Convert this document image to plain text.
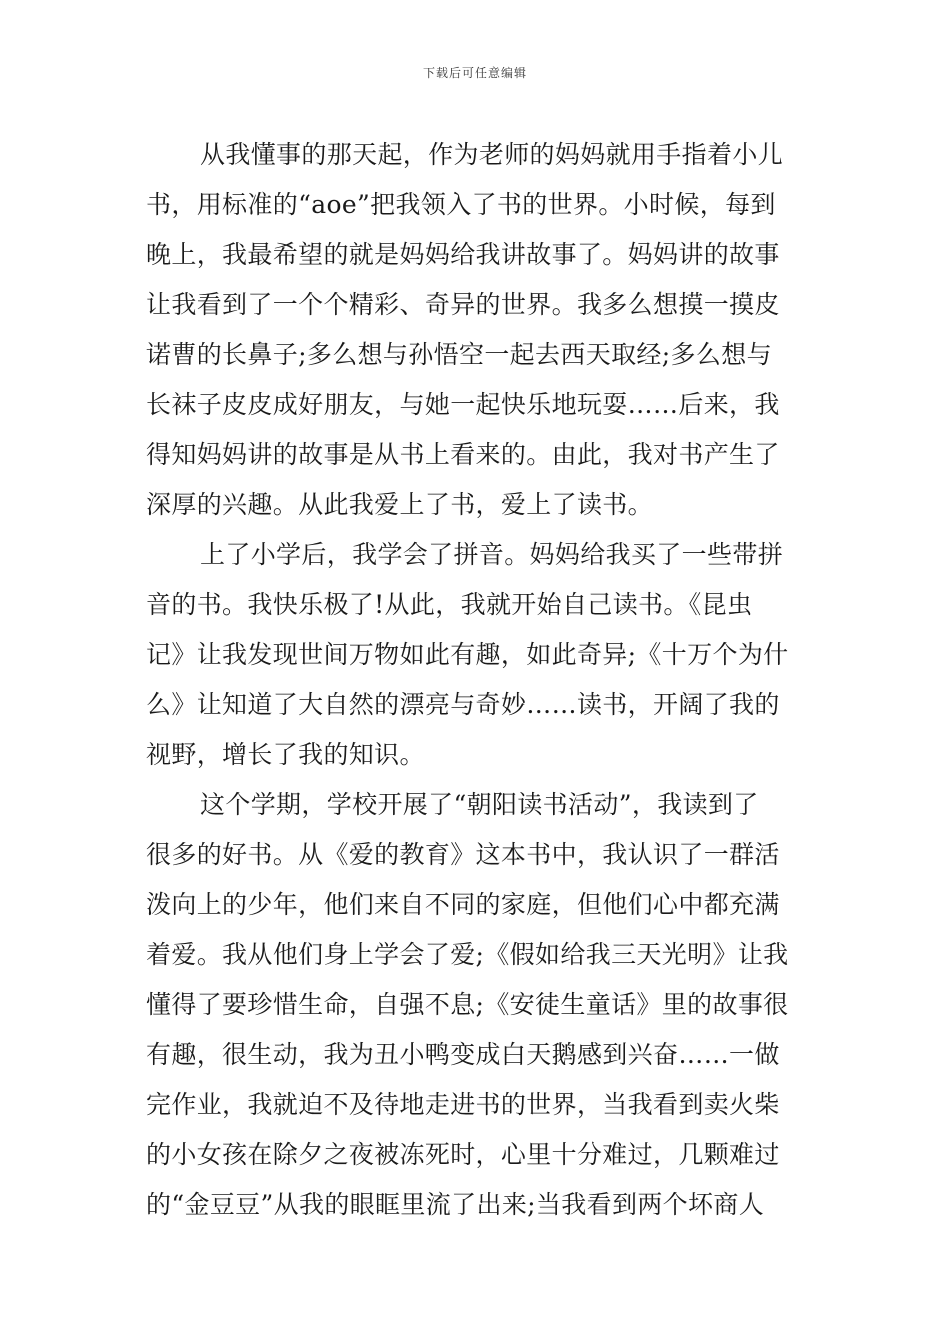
下载后可任意编辑
从我懂事的那天起，作为老师的妈妈就用手指着小儿
书，用标准的“aoe”把我领入了书的世界。小时候，每到
晚上，我最希望的就是妈妈给我讲故事了。妈妈讲的故事
让我看到了一个个精彩、奇异的世界。我多么想摸一摸皮
诺曹的长鼻子;多么想与孙悟空一起去西天取经;多么想与
长袜子皮皮成好朋友，与她一起快乐地玩耍……后来，我
得知妈妈讲的故事是从书上看来的。由此，我对书产生了
深厚的兴趣。从此我爱上了书，爱上了读书。
上了小学后，我学会了拼音。妈妈给我买了一些带拼
音的书。我快乐极了!从此，我就开始自己读书。《昆虫
记》让我发现世间万物如此有趣，如此奇异;《十万个为什
么》让知道了大自然的漂亮与奇妙……读书，开阔了我的
视野，增长了我的知识。
这个学期，学校开展了“朝阳读书活动”，我读到了
很多的好书。从《爱的教育》这本书中，我认识了一群活
泼向上的少年，他们来自不同的家庭，但他们心中都充满
着爱。我从他们身上学会了爱;《假如给我三天光明》让我
懂得了要珍惜生命，自强不息;《安徒生童话》里的故事很
有趣，很生动，我为丑小鸭变成白天鹅感到兴奋……一做
完作业，我就迫不及待地走进书的世界，当我看到卖火柴
的小女孩在除夕之夜被冻死时，心里十分难过，几颗难过
的“金豆豆”从我的眼眶里流了出来;当我看到两个坏商人
